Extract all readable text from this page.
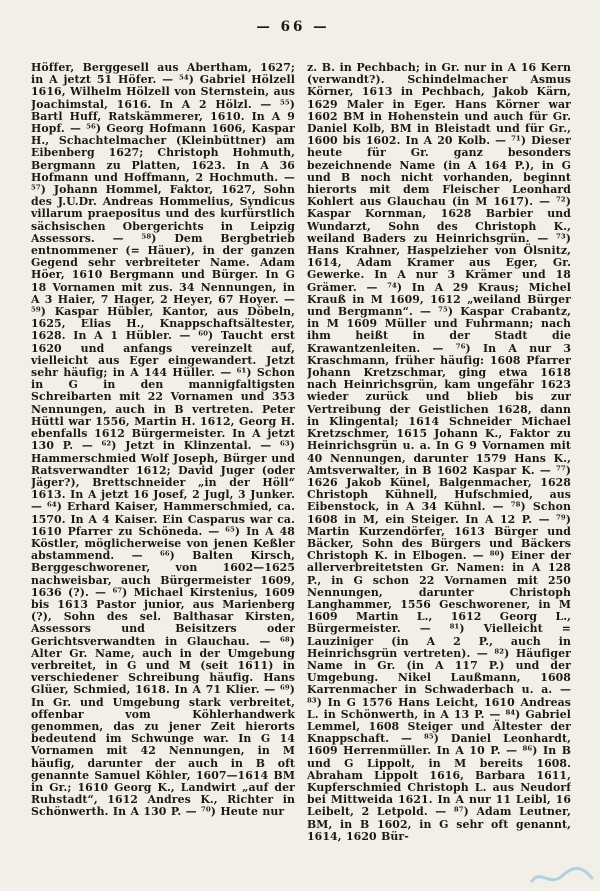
— 66 —
Höffer, Berggesell aus Abertham, 1627; in A jetzt 51 Höfer. — ⁵⁴) Gabriel Hölzell 1616, Wilhelm Hölzell von Sternstein, aus Joachimstal, 1616. In A 2 Hölzl. — ⁵⁵) Bartl Huff, Ratskämmerer, 1610. In A 9 Hopf. — ⁵⁶) Georg Hofmann 1606, Kaspar H., Schachtelmacher (Kleinbüttner) am Eibenberg 1627; Christoph Hohmuth, Bergmann zu Platten, 1623. In A 36 Hofmann und Hoffmann, 2 Hochmuth. — ⁵⁷) Johann Hommel, Faktor, 1627, Sohn des J.U.Dr. Andreas Hommelius, Syndicus villarum praepositus und des kurfürstlich sächsischen Obergerichts in Leipzig Assessors. — ⁵⁸) Dem Bergbetrieb entnommener (= Häuer), in der ganzen Gegend sehr verbreiteter Name. Adam Höer, 1610 Bergmann und Bürger. In G 18 Vornamen mit zus. 34 Nennungen, in A 3 Haier, 7 Hager, 2 Heyer, 67 Hoyer. — ⁵⁹) Kaspar Hübler, Kantor, aus Döbeln, 1625, Elias H., Knappschaftsältester, 1628. In A 1 Hübler. — ⁶⁰) Taucht erst 1620 und anfangs vereinzelt auf, vielleicht aus Eger eingewandert. Jetzt sehr häufig; in A 144 Hüller. — ⁶¹) Schon in G in den mannigfaltigsten Schreibarten mit 22 Vornamen und 353 Nennungen, auch in B vertreten. Peter Hüttl war 1556, Martin H. 1612, Georg H. ebenfalls 1612 Bürgermeister. In A jetzt 130 P. — ⁶²) Jetzt in Klinzental. — ⁶³) Hammerschmied Wolf Joseph, Bürger und Ratsverwandter 1612; David Juger (oder Jäger?), Brettschneider „in der Höll“ 1613. In A jetzt 16 Josef, 2 Jugl, 3 Junker. — ⁶⁴) Erhard Kaiser, Hammerschmied, ca. 1570. In A 4 Kaiser. Ein Casparus war ca. 1610 Pfarrer zu Schöneda. — ⁶⁵) In A 48 Köstler, möglicherweise von jenen Keßler abstammend. — ⁶⁶) Balten Kirsch, Berggeschworener, von 1602—1625 nachweisbar, auch Bürgermeister 1609, 1636 (?). — ⁶⁷) Michael Kirstenius, 1609 bis 1613 Pastor junior, aus Marienberg (?), Sohn des sel. Balthasar Kirsten, Assessors und Beisitzers oder Gerichtsverwandten in Glauchau. — ⁶⁸) Alter Gr. Name, auch in der Umgebung verbreitet, in G und M (seit 1611) in verschiedener Schreibung häufig. Hans Glüer, Schmied, 1618. In A 71 Klier. — ⁶⁹) In Gr. und Umgebung stark verbreitet, offenbar vom Köhlerhandwerk genommen, das zu jener Zeit hierorts bedeutend im Schwunge war. In G 14 Vornamen mit 42 Nennungen, in M häufig, darunter der auch in B oft genannte Samuel Köhler, 1607—1614 BM in Gr.; 1610 Georg K., Landwirt „auf der Ruhstadt“, 1612 Andres K., Richter in Schönwerth. In A 130 P. — ⁷⁰) Heute nur
z. B. in Pechbach; in Gr. nur in A 16 Kern (verwandt?). Schindelmacher Asmus Körner, 1613 in Pechbach, Jakob Kärn, 1629 Maler in Eger. Hans Körner war 1602 BM in Hohenstein und auch für Gr. Daniel Kolb, BM in Bleistadt und für Gr., 1600 bis 1602. In A 20 Kolb. — ⁷¹) Dieser heute für Gr. ganz besonders bezeichnende Name (in A 164 P.), in G und B noch nicht vorhanden, beginnt hierorts mit dem Fleischer Leonhard Kohlert aus Glauchau (in M 1617). — ⁷²) Kaspar Kornman, 1628 Barbier und Wundarzt, Sohn des Christoph K., weiland Baders zu Heinrichsgrün. — ⁷³) Hans Krahner, Haspelzieher von Ölsnitz, 1614, Adam Kramer aus Eger, Gr. Gewerke. In A nur 3 Krämer und 18 Grämer. — ⁷⁴) In A 29 Kraus; Michel Krauß in M 1609, 1612 „weiland Bürger und Bergmann“. — ⁷⁵) Kaspar Crabantz, in M 1609 Müller und Fuhrmann; nach ihm heißt in der Stadt die Krawantzenleiten. — ⁷⁶) In A nur 3 Kraschmann, früher häufig: 1608 Pfarrer Johann Kretzschmar, ging etwa 1618 nach Heinrichsgrün, kam ungefähr 1623 wieder zurück und blieb bis zur Vertreibung der Geistlichen 1628, dann in Klingental; 1614 Schneider Michael Kretzschmer, 1615 Johann K., Faktor zu Heinrichsgrün u. a. In G 9 Vornamen mit 40 Nennungen, darunter 1579 Hans K., Amtsverwalter, in B 1602 Kaspar K. — ⁷⁷) 1626 Jakob Künel, Balgenmacher, 1628 Christoph Kühnell, Hufschmied, aus Eibenstock, in A 34 Kühnl. — ⁷⁸) Schon 1608 in M, ein Steiger. In A 12 P. — ⁷⁹) Martin Kurzendörfer, 1613 Bürger und Bäcker, Sohn des Bürgers und Bäckers Christoph K. in Elbogen. — ⁸⁰) Einer der allerverbreitetsten Gr. Namen: in A 128 P., in G schon 22 Vornamen mit 250 Nennungen, darunter Christoph Langhammer, 1556 Geschworener, in M 1609 Martin L., 1612 Georg L., Bürgermeister. — ⁸¹) Vielleicht = Lauziniger (in A 2 P., auch in Heinrichsgrün vertreten). — ⁸²) Häufiger Name in Gr. (in A 117 P.) und der Umgebung. Nikel Laußmann, 1608 Karrenmacher in Schwaderbach u. a. — ⁸³) In G 1576 Hans Leicht, 1610 Andreas L. in Schönwerth, in A 13 P. — ⁸⁴) Gabriel Lemmel, 1608 Steiger und Ältester der Knappschaft. — ⁸⁵) Daniel Leonhardt, 1609 Herrenmüller. In A 10 P. — ⁸⁶) In B und G Lippolt, in M bereits 1608. Abraham Lippolt 1616, Barbara 1611, Kupferschmied Christoph L. aus Neudorf bei Mittweida 1621. In A nur 11 Leibl, 16 Leibelt, 2 Letpold. — ⁸⁷) Adam Leutner, BM, in B 1602, in G sehr oft genannt, 1614, 1620 Bür-
